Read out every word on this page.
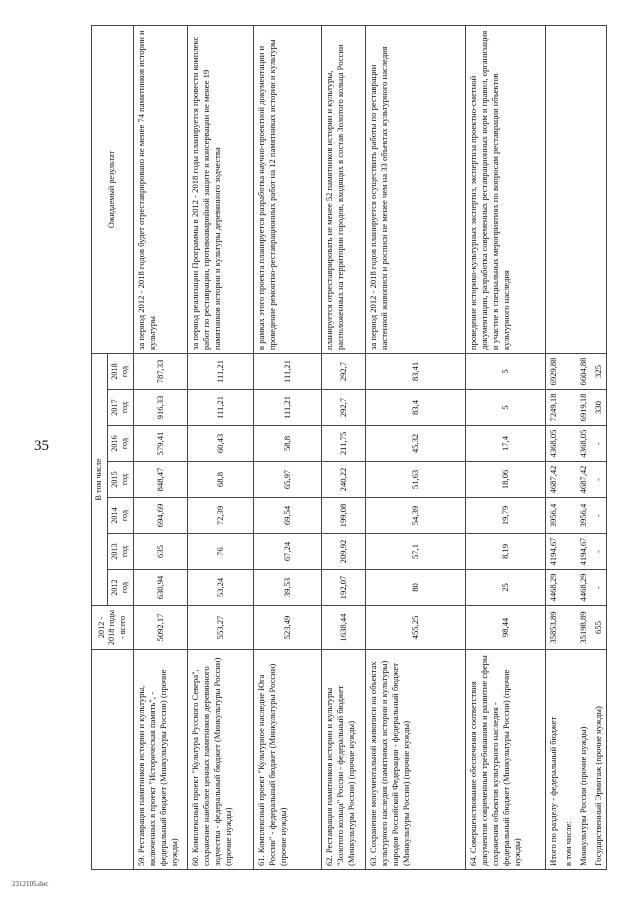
35
	2012 - 2018 годы - всего	В том числе							Ожидаемый результат
		2012 год	2013 год	2014 год	2015 год	2016 год	2017 год	2018 год	
59. Реставрация памятников истории и культуры, включенных в проект "Историческая память", - федеральный бюджет (Минкультуры России) (прочие нужды)	5092,17	630,94	635	694,69	848,47	579,41	916,33	787,33	за период 2012 - 2018 годов будет отреставрировано не менее 74 памятников истории и культуры
60. Комплексный проект "Культура Русского Севера", сохранение наиболее ценных памятников деревянного зодчества - федеральный бюджет (Минкультуры России) (прочие нужды)	553,27	53,24	76	72,39	68,8	60,43	111,21	111,21	за период реализации Программы в 2012 - 2018 годы планируется провести комплекс работ по реставрации, противоаварийной защите и консервации не менее 19 памятников истории и культуры деревянного зодчества
61. Комплексный проект "Культурное наследие Юга России" - федеральный бюджет (Минкультуры России) (прочие нужды)	523,49	39,53	67,24	69,54	65,97	58,8	111,21	111,21	в рамках этого проекта планируется разработка научно-проектной документации и проведение ремонтно-реставрационных работ на 12 памятниках истории и культуры
62. Реставрация памятников истории и культуры "Золотого кольца" России - федеральный бюджет (Минкультуры России) (прочие нужды)	1638,44	192,07	209,92	199,08	240,22	211,75	292,7	292,7	планируется отреставрировать не менее 52 памятников истории и культуры, расположенных на территории городов, входящих в состав Золотого кольца России
63. Сохранение монументальной живописи на объектах культурного наследия (памятниках истории и культуры) народов Российской Федерации - федеральный бюджет (Минкультуры России) (прочие нужды)	455,25	80	57,1	54,39	51,63	45,32	83,4	83,41	за период 2012 - 2018 годов планируется осуществить работы по реставрации настенной живописи и росписи не менее чем на 33 объектах культурного наследия
64. Совершенствование обеспечения соответствия документов современным требованиям и развитие сферы сохранения объектов культурного наследия - федеральный бюджет (Минкультуры России) (прочие нужды)	98,44	25	8,19	19,79	18,06	17,4	5	5	проведение историко-культурных экспертиз, экспертиза проектно-сметной документации, разработка современных реставрационных норм и правил, организация и участие в специальных мероприятиях по вопросам реставрации объектов культурного наследия
Итого по разделу - федеральный бюджет	35853,89	4468,29	4194,67	3956,4	4687,42	4368,05	7249,18	6929,88	
в том числе:									
Минкультуры России (прочие нужды)	35198,89	4468,29	4194,67	3956,4	4687,42	4368,05	6919,18	6604,88	
Государственный Эрмитаж (прочие нужды)	655	-	-	-	-	-	330	325	
2312105.doc
